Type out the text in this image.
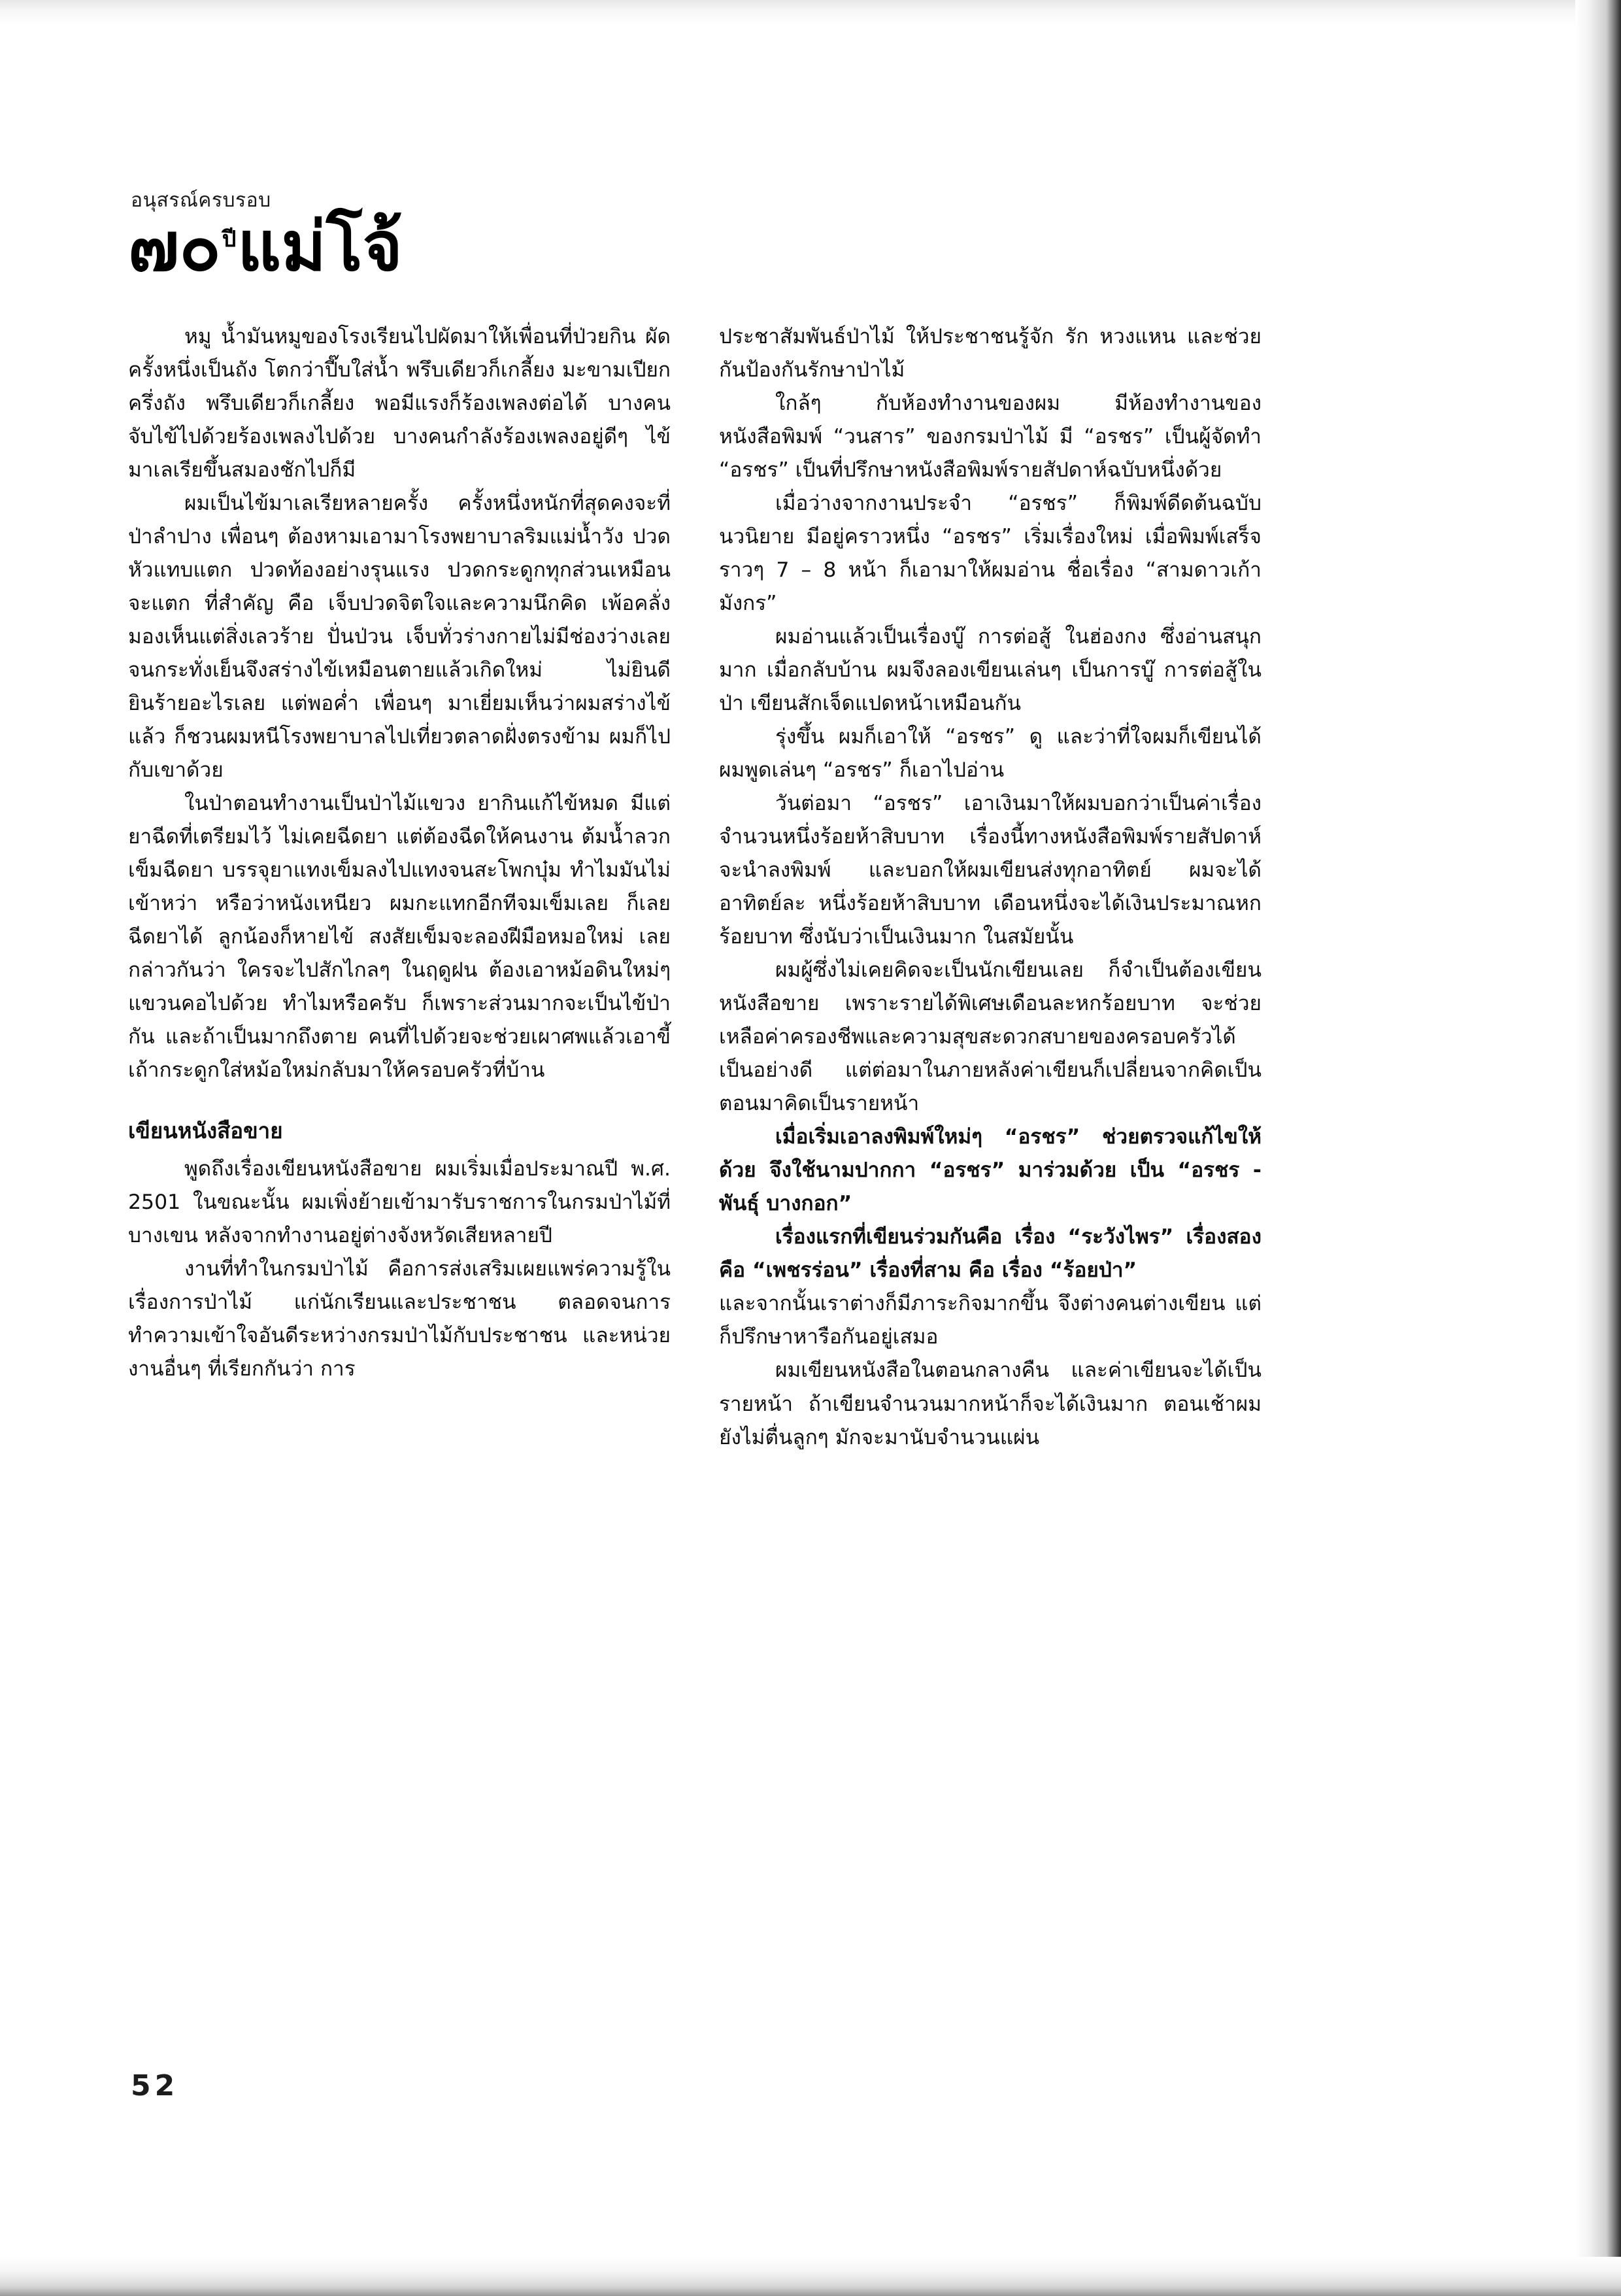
อนุสรณ์ครบรอบ
๗๐$^{ปี}$แม่โจ้

หมู น้ำมันหมูของโรงเรียนไปผัดมาให้เพื่อนที่ป่วยกิน ผัดครั้งหนึ่งเป็นถัง โตกว่าปี๊บใส่น้ำ พรึบเดียวก็เกลี้ยง มะขามเปียกครึ่งถัง พรึบเดียวก็เกลี้ยง พอมีแรงก็ร้องเพลงต่อได้ บางคนจับไข้ไปด้วยร้องเพลงไปด้วย บางคนกำลังร้องเพลงอยู่ดีๆ ไข้มาเลเรียขึ้นสมองชักไปก็มี

ผมเป็นไข้มาเลเรียหลายครั้ง ครั้งหนึ่งหนักที่สุดคงจะที่ป่าลำปาง เพื่อนๆ ต้องหามเอามาโรงพยาบาลริมแม่น้ำวัง ปวดหัวแทบแตก ปวดท้องอย่างรุนแรง ปวดกระดูกทุกส่วนเหมือนจะแตก ที่สำคัญ คือ เจ็บปวดจิตใจและความนึกคิด เพ้อคลั่ง มองเห็นแต่สิ่งเลวร้าย ปั่นป่วน เจ็บทั่วร่างกายไม่มีช่องว่างเลย จนกระทั่งเย็นจึงสร่างไข้เหมือนตายแล้วเกิดใหม่ ไม่ยินดี ยินร้ายอะไรเลย แต่พอค่ำ เพื่อนๆ มาเยี่ยมเห็นว่าผมสร่างไข้แล้ว ก็ชวนผมหนีโรงพยาบาลไปเที่ยวตลาดฝั่งตรงข้าม ผมก็ไปกับเขาด้วย

ในป่าตอนทำงานเป็นป่าไม้แขวง ยากินแก้ไข้หมด มีแต่ยาฉีดที่เตรียมไว้ ไม่เคยฉีดยา แต่ต้องฉีดให้คนงาน ต้มน้ำลวกเข็มฉีดยา บรรจุยาแทงเข็มลงไปแทงจนสะโพกบุ๋ม ทำไมมันไม่เข้าหว่า หรือว่าหนังเหนียว ผมกะแทกอีกทีจมเข็มเลย ก็เลยฉีดยาได้ ลูกน้องก็หายไข้ สงสัยเข็มจะลองฝีมือหมอใหม่ เลยกล่าวกันว่า ใครจะไปสักไกลๆ ในฤดูฝน ต้องเอาหม้อดินใหม่ๆ แขวนคอไปด้วย ทำไมหรือครับ ก็เพราะส่วนมากจะเป็นไข้ป่ากัน และถ้าเป็นมากถึงตาย คนที่ไปด้วยจะช่วยเผาศพแล้วเอาขี้เถ้ากระดูกใส่หม้อใหม่กลับมาให้ครอบครัวที่บ้าน

เขียนหนังสือขาย

พูดถึงเรื่องเขียนหนังสือขาย ผมเริ่มเมื่อประมาณปี พ.ศ. 2501 ในขณะนั้น ผมเพิ่งย้ายเข้ามารับราชการในกรมป่าไม้ที่บางเขน หลังจากทำงานอยู่ต่างจังหวัดเสียหลายปี

งานที่ทำในกรมป่าไม้ คือการส่งเสริมเผยแพร่ความรู้ในเรื่องการป่าไม้ แก่นักเรียนและประชาชน ตลอดจนการทำความเข้าใจอันดีระหว่างกรมป่าไม้กับประชาชน และหน่วยงานอื่นๆ ที่เรียกกันว่า การ

ประชาสัมพันธ์ป่าไม้ ให้ประชาชนรู้จัก รัก หวงแหน และช่วยกันป้องกันรักษาป่าไม้

ใกล้ๆ กับห้องทำงานของผม มีห้องทำงานของหนังสือพิมพ์ “วนสาร” ของกรมป่าไม้ มี “อรชร” เป็นผู้จัดทำ “อรชร” เป็นที่ปรึกษาหนังสือพิมพ์รายสัปดาห์ฉบับหนึ่งด้วย

เมื่อว่างจากงานประจำ “อรชร” ก็พิมพ์ดีดต้นฉบับนวนิยาย มีอยู่คราวหนึ่ง “อรชร” เริ่มเรื่องใหม่ เมื่อพิมพ์เสร็จราวๆ 7 – 8 หน้า ก็เอามาให้ผมอ่าน ชื่อเรื่อง “สามดาวเก้ามังกร”

ผมอ่านแล้วเป็นเรื่องบู๊ การต่อสู้ ในฮ่องกง ซึ่งอ่านสนุกมาก เมื่อกลับบ้าน ผมจึงลองเขียนเล่นๆ เป็นการบู๊ การต่อสู้ในป่า เขียนสักเจ็ดแปดหน้าเหมือนกัน

รุ่งขึ้น ผมก็เอาให้ “อรชร” ดู และว่าที่ใจผมก็เขียนได้ ผมพูดเล่นๆ “อรชร” ก็เอาไปอ่าน

วันต่อมา “อรชร” เอาเงินมาให้ผมบอกว่าเป็นค่าเรื่องจำนวนหนึ่งร้อยห้าสิบบาท เรื่องนี้ทางหนังสือพิมพ์รายสัปดาห์จะนำลงพิมพ์ และบอกให้ผมเขียนส่งทุกอาทิตย์ ผมจะได้อาทิตย์ละ หนึ่งร้อยห้าสิบบาท เดือนหนึ่งจะได้เงินประมาณหกร้อยบาท ซึ่งนับว่าเป็นเงินมาก ในสมัยนั้น

ผมผู้ซึ่งไม่เคยคิดจะเป็นนักเขียนเลย ก็จำเป็นต้องเขียนหนังสือขาย เพราะรายได้พิเศษเดือนละหกร้อยบาท จะช่วยเหลือค่าครองชีพและความสุขสะดวกสบายของครอบครัวได้เป็นอย่างดี แต่ต่อมาในภายหลังค่าเขียนก็เปลี่ยนจากคิดเป็นตอนมาคิดเป็นรายหน้า

เมื่อเริ่มเอาลงพิมพ์ใหม่ๆ “อรชร” ช่วยตรวจแก้ไขให้ด้วย จึงใช้นามปากกา “อรชร” มาร่วมด้วย เป็น “อรชร - พันธุ์ บางกอก”

เรื่องแรกที่เขียนร่วมกันคือ เรื่อง “ระวังไพร” เรื่องสองคือ “เพชรร่อน” เรื่องที่สาม คือ เรื่อง “ร้อยป่า”

และจากนั้นเราต่างก็มีภาระกิจมากขึ้น จึงต่างคนต่างเขียน แต่ก็ปรึกษาหารือกันอยู่เสมอ

ผมเขียนหนังสือในตอนกลางคืน และค่าเขียนจะได้เป็นรายหน้า ถ้าเขียนจำนวนมากหน้าก็จะได้เงินมาก ตอนเช้าผมยังไม่ตื่นลูกๆ มักจะมานับจำนวนแผ่น

52
